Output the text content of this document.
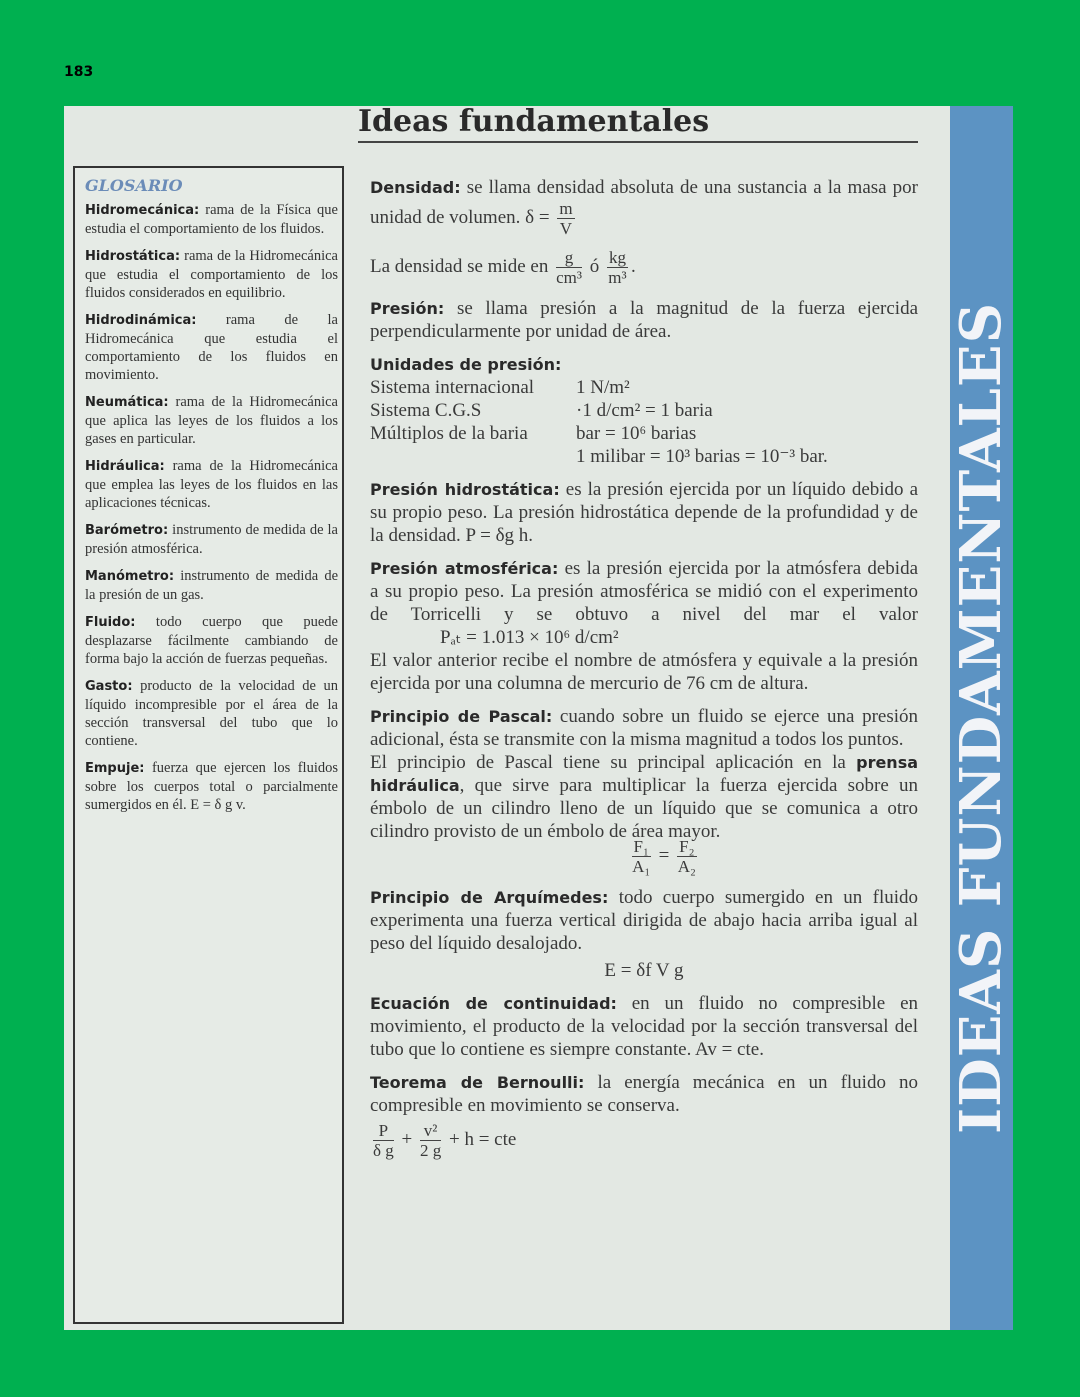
183
IDEAS FUNDAMENTALES
Ideas fundamentales
GLOSARIO
Hidromecánica: rama de la Física que estudia el comportamiento de los fluidos.
Hidrostática: rama de la Hidromecánica que estudia el comportamiento de los fluidos considerados en equilibrio.
Hidrodinámica: rama de la Hidromecánica que estudia el comportamiento de los fluidos en movimiento.
Neumática: rama de la Hidromecánica que aplica las leyes de los fluidos a los gases en particular.
Hidráulica: rama de la Hidromecánica que emplea las leyes de los fluidos en las aplicaciones técnicas.
Barómetro: instrumento de medida de la presión atmosférica.
Manómetro: instrumento de medida de la presión de un gas.
Fluido: todo cuerpo que puede desplazarse fácilmente cambiando de forma bajo la acción de fuerzas pequeñas.
Gasto: producto de la velocidad de un líquido incompresible por el área de la sección transversal del tubo que lo contiene.
Empuje: fuerza que ejercen los fluidos sobre los cuerpos total o parcialmente sumergidos en él. E = δ g v.
Densidad: se llama densidad absoluta de una sustancia a la masa por unidad de volumen. $\delta = \frac{m}{V}$
La densidad se mide en $\frac{g}{\text{cm³}}$ ó $\frac{kg}{\text{m³}}$ .
Presión: se llama presión a la magnitud de la fuerza ejercida perpendicularmente por unidad de área.
Unidades de presión:
Sistema internacional	1 N/m²
Sistema C.G.S	·1 d/cm² = 1 baria
Múltiplos de la baria	bar = 10⁶ barias
	1 milibar = 10³ barias = 10⁻³ bar.
Presión hidrostática: es la presión ejercida por un líquido debido a su propio peso. La presión hidrostática depende de la profundidad y de la densidad. P = δg h.
Presión atmosférica: es la presión ejercida por la atmósfera debida a su propio peso. La presión atmosférica se midió con el experimento de Torricelli y se obtuvo a nivel del mar el valor Pₐₜ = 1.013 × 10⁶ d/cm²
El valor anterior recibe el nombre de atmósfera y equivale a la presión ejercida por una columna de mercurio de 76 cm de altura.
Principio de Pascal: cuando sobre un fluido se ejerce una presión adicional, ésta se transmite con la misma magnitud a todos los puntos.
El principio de Pascal tiene su principal aplicación en la prensa hidráulica, que sirve para multiplicar la fuerza ejercida sobre un émbolo de un cilindro lleno de un líquido que se comunica a otro cilindro provisto de un émbolo de área mayor.
$\frac{\text{F₁}}{\text{A₁}} = \frac{\text{F₂}}{\text{A₂}}$
Principio de Arquímedes: todo cuerpo sumergido en un fluido experimenta una fuerza vertical dirigida de abajo hacia arriba igual al peso del líquido desalojado.
E = δf V g
Ecuación de continuidad: en un fluido no compresible en movimiento, el producto de la velocidad por la sección transversal del tubo que lo contiene es siempre constante. Av = cte.
Teorema de Bernoulli: la energía mecánica en un fluido no compresible en movimiento se conserva.
$\frac{P}{\text{δ g}} + \frac{\text{v²}}{2 g} + h$ = cte
